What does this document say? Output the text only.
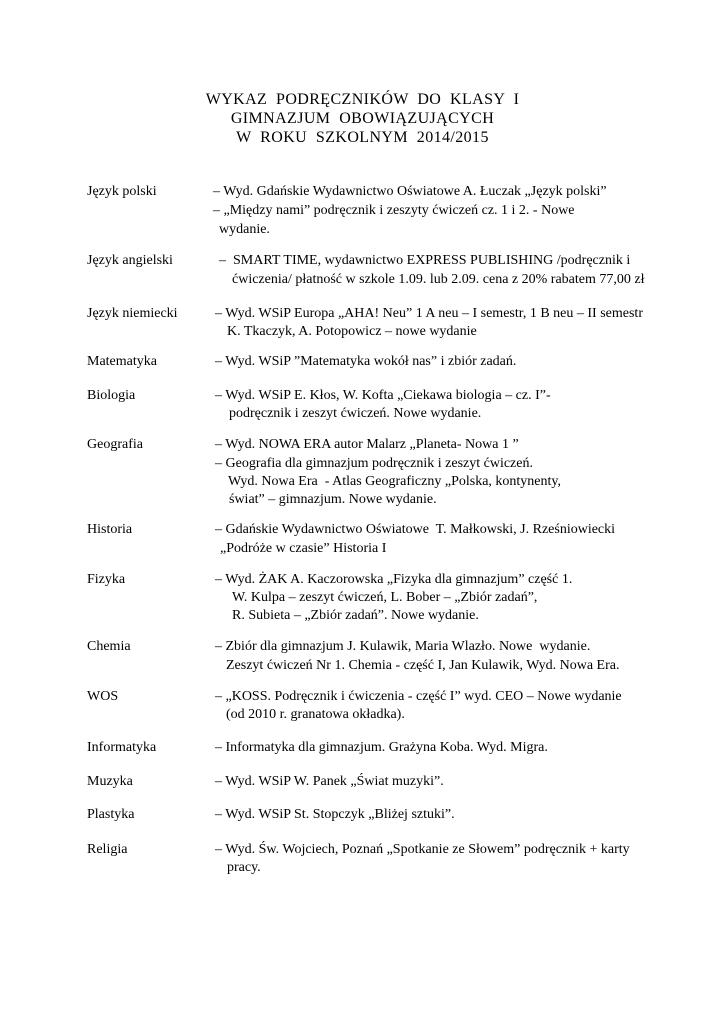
WYKAZ  PODRĘCZNIKÓW  DO  KLASY  I
GIMNAZJUM  OBOWIĄZUJĄCYCH
W  ROKU  SZKOLNYM  2014/2015
Język polski	– Wyd. Gdańskie Wydawnictwo Oświatowe A. Łuczak „Język polski”
– „Między nami” podręcznik i zeszyty ćwiczeń cz. 1 i 2. - Nowe
wydanie.
Język angielski	–  SMART TIME, wydawnictwo EXPRESS PUBLISHING /podręcznik i
ćwiczenia/ płatność w szkole 1.09. lub 2.09. cena z 20% rabatem 77,00 zł
Język niemiecki	– Wyd. WSiP Europa „AHA! Neu” 1 A neu – I semestr, 1 B neu – II semestr
K. Tkaczyk, A. Potopowicz – nowe wydanie
Matematyka	– Wyd. WSiP ”Matematyka wokół nas” i zbiór zadań.
Biologia	– Wyd. WSiP E. Kłos, W. Kofta „Ciekawa biologia – cz. I”-
podręcznik i zeszyt ćwiczeń. Nowe wydanie.
Geografia	– Wyd. NOWA ERA autor Malarz „Planeta- Nowa 1 ”
– Geografia dla gimnazjum podręcznik i zeszyt ćwiczeń.
Wyd. Nowa Era  - Atlas Geograficzny „Polska, kontynenty,
świat” – gimnazjum. Nowe wydanie.
Historia	– Gdańskie Wydawnictwo Oświatowe  T. Małkowski, J. Rześniowiecki
„Podróże w czasie” Historia I
Fizyka	– Wyd. ŻAK A. Kaczorowska „Fizyka dla gimnazjum” część 1.
W. Kulpa – zeszyt ćwiczeń, L. Bober – „Zbiór zadań”,
R. Subieta – „Zbiór zadań”. Nowe wydanie.
Chemia	– Zbiór dla gimnazjum J. Kulawik, Maria Wlazło. Nowe  wydanie.
Zeszyt ćwiczeń Nr 1. Chemia - część I, Jan Kulawik, Wyd. Nowa Era.
WOS	– „KOSS. Podręcznik i ćwiczenia - część I” wyd. CEO – Nowe wydanie
(od 2010 r. granatowa okładka).
Informatyka	– Informatyka dla gimnazjum. Grażyna Koba. Wyd. Migra.
Muzyka	– Wyd. WSiP W. Panek „Świat muzyki”.
Plastyka	– Wyd. WSiP St. Stopczyk „Bliżej sztuki”.
Religia	– Wyd. Św. Wojciech, Poznań „Spotkanie ze Słowem” podręcznik + karty
pracy.
